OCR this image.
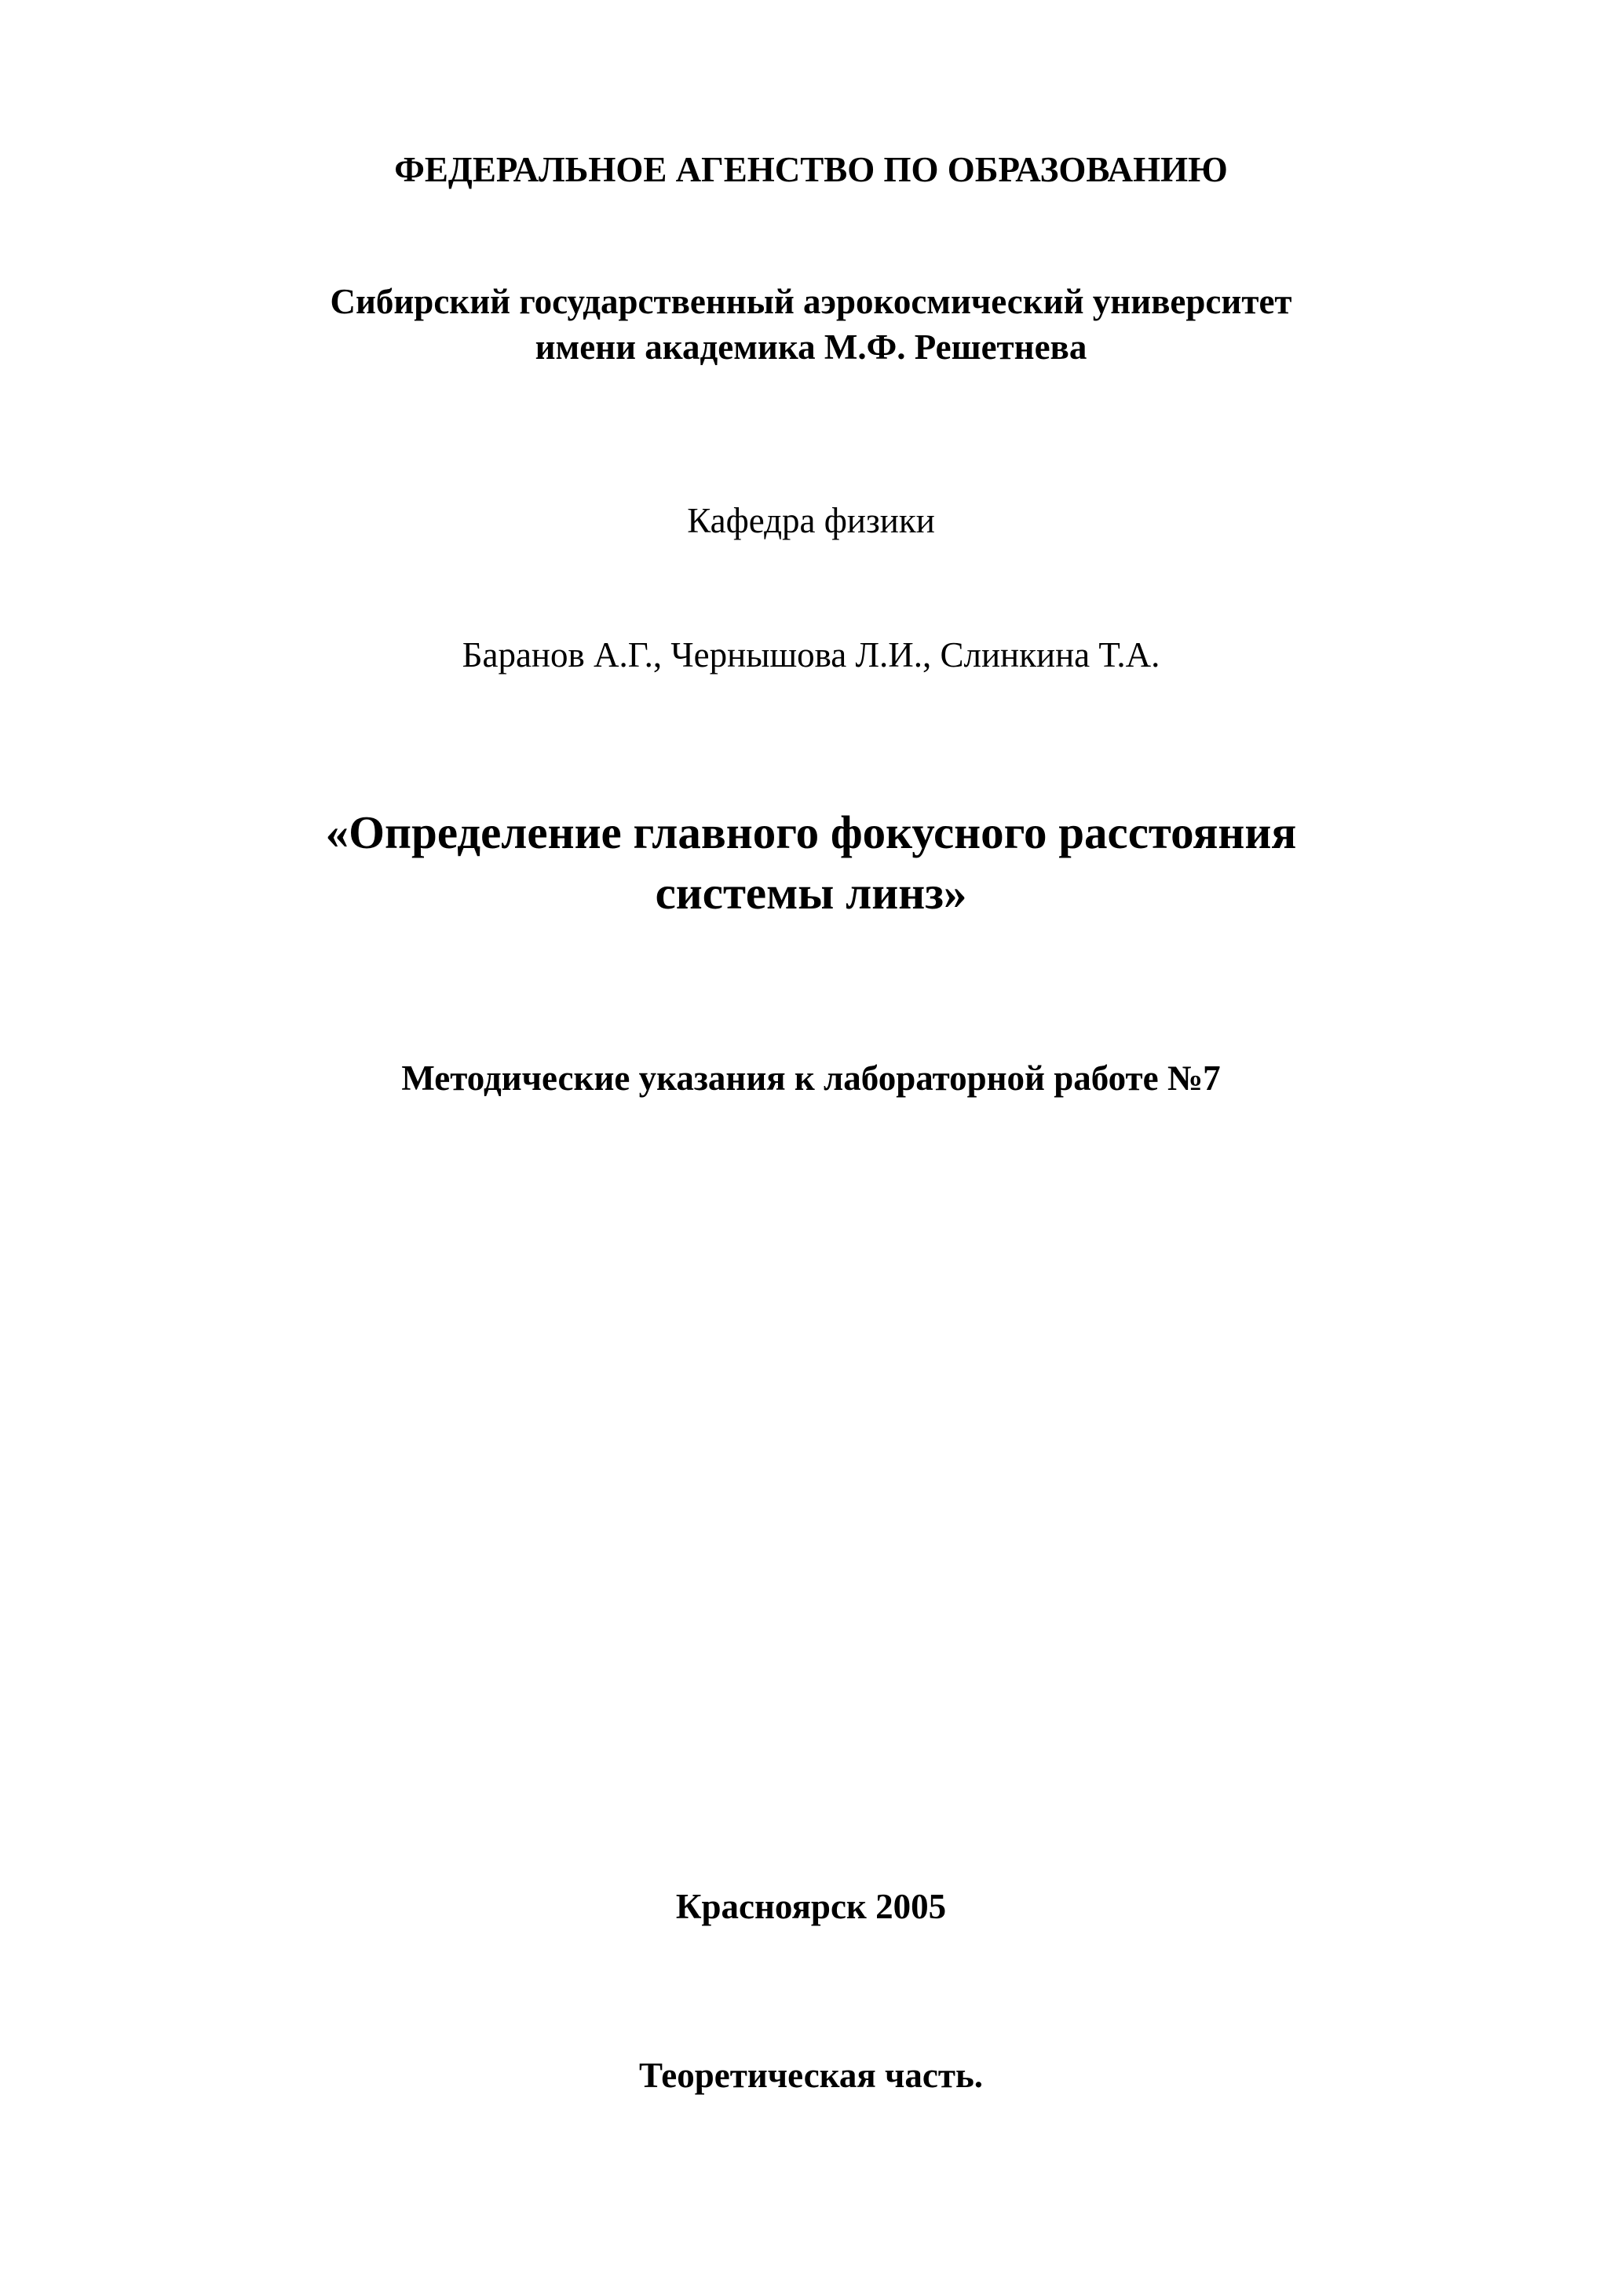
ФЕДЕРАЛЬНОЕ АГЕНСТВО ПО ОБРАЗОВАНИЮ
Сибирский государственный аэрокосмический университет
имени академика М.Ф. Решетнева
Кафедра физики
Баранов А.Г., Чернышова Л.И., Слинкина Т.А.
«Определение главного фокусного расстояния
системы линз»
Методические указания к лабораторной работе №7
Красноярск 2005
Теоретическая часть.
